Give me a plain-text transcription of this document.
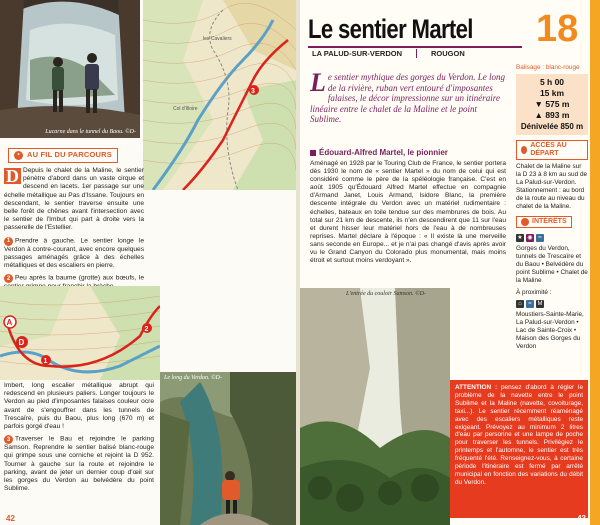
Lucarne dans le tunnel du Baou. ©D-
3
les Cavaliers
Col d'Illoire
• AU FIL DU PARCOURS

D Depuis le chalet de la Maline, le sentier pénètre d'abord dans un vaste cirque et descend en lacets. 1er passage sur une échelle métallique au Pas d'Issane. Toujours en descendant, le sentier traverse ensuite une belle forêt de chênes avant l'intersection avec le sentier de l'Imbut qui part à droite vers la passerelle de l'Estellier.

1 Prendre à gauche. Le sentier longe le Verdon à contre-courant, avec encore quelques passages aménagés grâce à des échelles métalliques et des escaliers en pierre.

2 Peu après la baume (grotte) aux bœufs, le

A
D
1
2

Imbert, long escalier métallique abrupt qui redescend en plusieurs paliers. Longer toujours le Verdon au pied d'imposantes falaises couleur ocre avant de s'engouffrer dans les tunnels de Trescaïre, puis du Baou, plus long (670 m) et parfois gorgé d'eau !

3 Traverser le Bau et rejoindre le parking Samson. Reprendre le sentier balisé blanc-rouge qui grimpe sous une corniche et rejoint la D 952. Tourner à gauche sur la route et rejoindre le parking, avant de jeter un dernier coup d'œil sur les gorges du Verdon au belvédère du point Sublime.

Le long du Verdon. ©D-
42
Le sentier Martel
LA PALUD-SUR-VERDON	ROUGON
18
Le sentier mythique des gorges du Verdon. Le long de la rivière, ruban vert entouré d'imposantes falaises, le décor impressionne sur un itinéraire linéaire entre le chalet de la Maline et le point Sublime.
Édouard-Alfred Martel, le pionnier
Aménagé en 1928 par le Touring Club de France, le sentier portera dès 1930 le nom de « sentier Martel » du nom de celui qui est considéré comme le père de la spéléologie française. C'est en août 1905 qu'Édouard Alfred Martel effectue en compagnie d'Armand Janet, Louis Armand, Isidore Blanc, la première descente intégrale du Verdon avec un matériel rudimentaire : échelles, bateaux en toile tendue sur des membrures de bois. Au total sur 21 km de descente, ils n'en descendirent que 11 sur l'eau et durent hisser leur matériel hors de l'eau à de nombreuses reprises. Martel déclare à l'époque : « Il existe là une merveille sans seconde en Europe... et je n'ai pas changé d'avis après avoir vu le Grand Canyon du Colorado plus monumental, mais moins étroit et surtout moins verdoyant ».
Balisage : blanc-rouge
5 h 00
15 km
▼ 575 m
▲ 893 m
Dénivelée 850 m
ACCÈS AU DÉPART
Chalet de la Maline sur la D 23 à 8 km au sud de La Palud-sur-Verdon. Stationnement : au bord de la route au niveau du chalet de la Maline.
INTÉRÊTS
★ ◉ ≈
Gorges du Verdon, tunnels de Trescaïre et du Baou • Belvédère du point Sublime • Chalet de la Maline
À proximité :
⌂	≈ M
Moustiers-Sainte-Marie, La Palud-sur-Verdon • Lac de Sainte-Croix • Maison des Gorges du Verdon
L'entrée du couloir Samson. ©D-
ATTENTION : pensez d'abord à régler le problème de la navette entre le point Sublime et la Maline (navette, covoiturage, taxi...). Le sentier récemment réaménagé avec des escaliers métalliques reste exigeant. Prévoyez au minimum 2 litres d'eau par personne et une lampe de poche pour traverser les tunnels. Privilégiez le printemps et l'automne, le sentier est très fréquenté l'été. Renseignez-vous, à certaine période l'itinéraire est fermé par arrêté municipal en fonction des variations du débit du Verdon.
43
